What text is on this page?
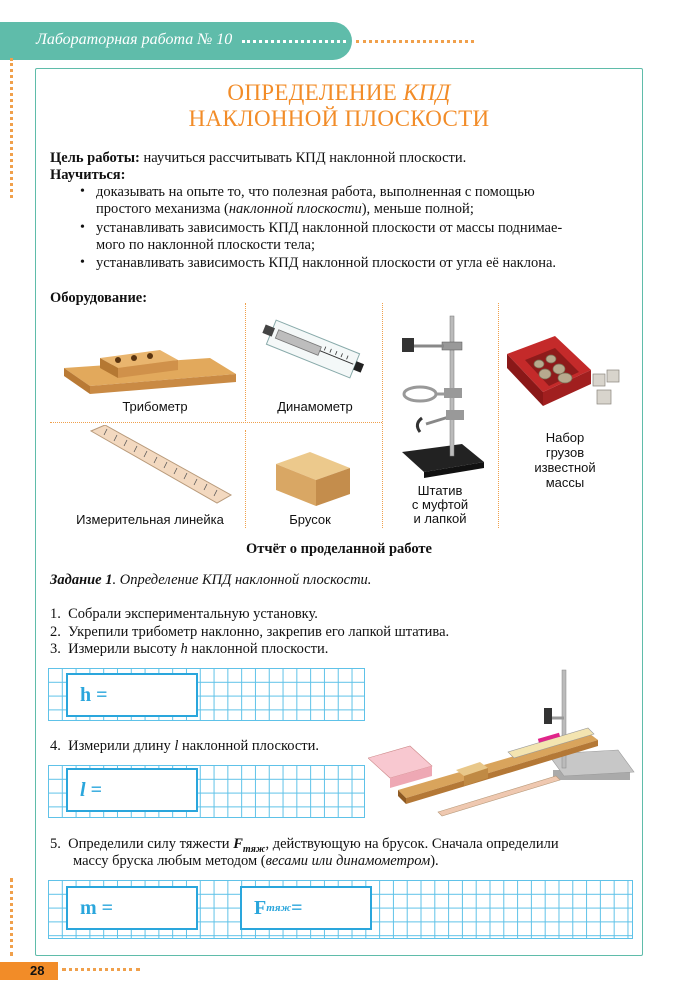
Лабораторная работа № 10
ОПРЕДЕЛЕНИЕ КПД
НАКЛОННОЙ ПЛОСКОСТИ
Цель работы: научиться рассчитывать КПД наклонной плоскости.
Научиться:
• доказывать на опыте то, что полезная работа, выполненная с помощью
простого механизма (наклонной плоскости), меньше полной;
• устанавливать зависимость КПД наклонной плоскости от массы поднимае-
мого по наклонной плоскости тела;
• устанавливать зависимость КПД наклонной плоскости от угла её наклона.
Оборудование:
Трибометр	Динамометр
Измерительная линейка	Брусок
Штатив
с муфтой
и лапкой
Набор
грузов
известной
массы
Отчёт о проделанной работе
Задание 1. Определение КПД наклонной плоскости.
1. Собрали экспериментальную установку.
2. Укрепили трибометр наклонно, закрепив его лапкой штатива.
3. Измерили высоту h наклонной плоскости.
h =
4. Измерили длину l наклонной плоскости.
l =
5. Определили силу тяжести $F_{тяж}$, действующую на брусок. Сначала определили
массу бруска любым методом (весами или динамометром).
m =	F тяж =
28
